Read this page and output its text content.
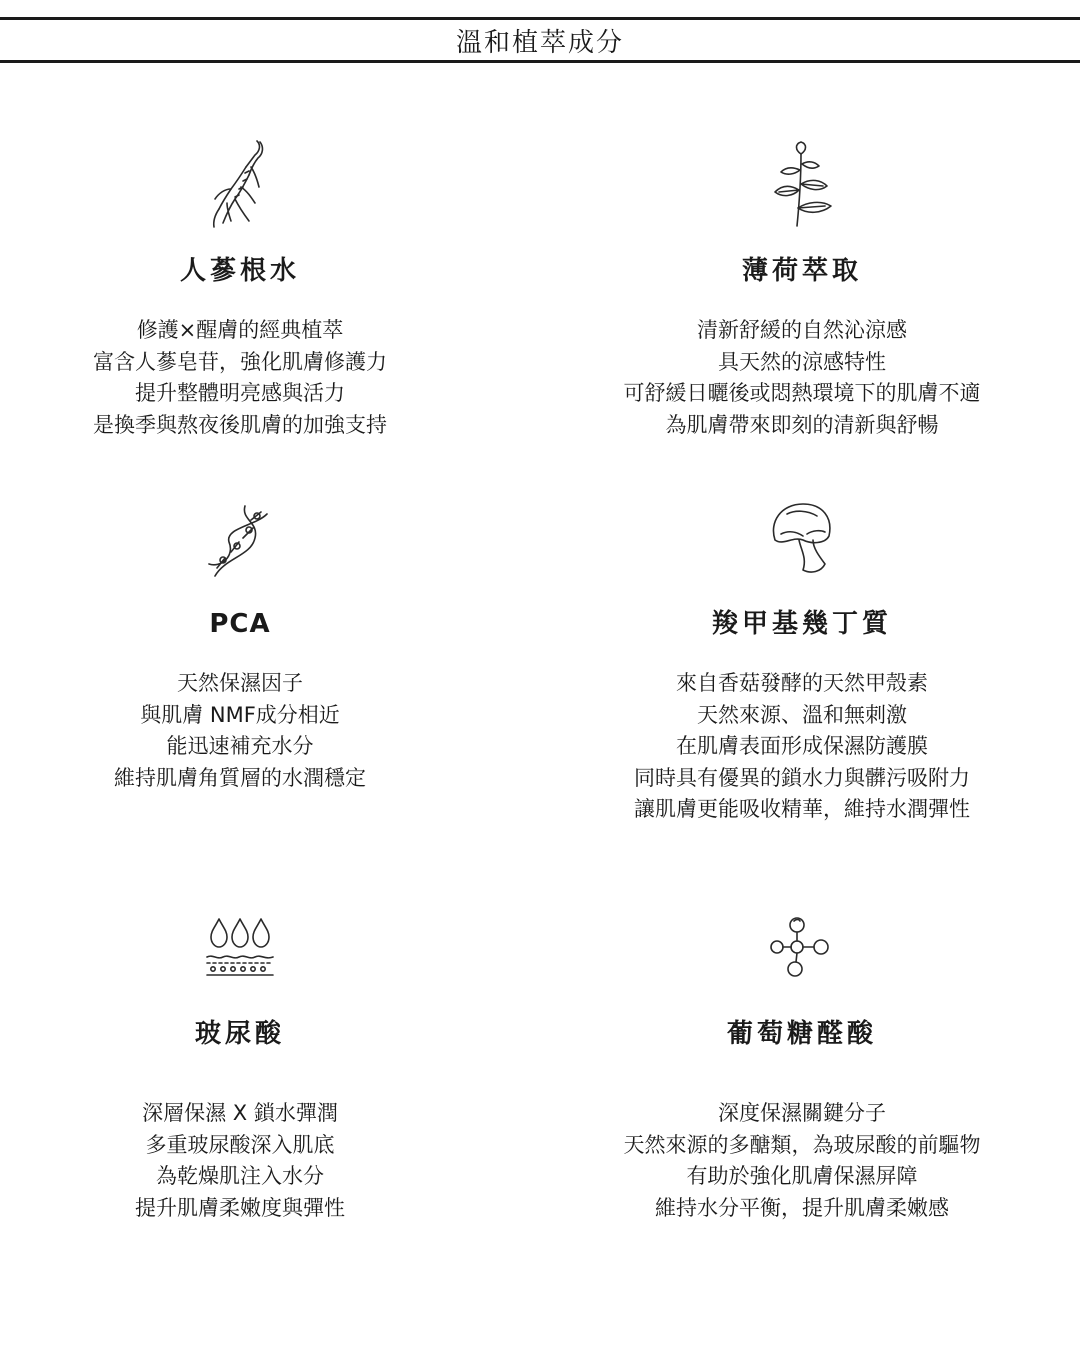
溫和植萃成分
人蔘根水
修護×醒膚的經典植萃
富含人蔘皂苷，強化肌膚修護力
提升整體明亮感與活力
是換季與熬夜後肌膚的加強支持
薄荷萃取
清新舒緩的自然沁涼感
具天然的涼感特性
可舒緩日曬後或悶熱環境下的肌膚不適
為肌膚帶來即刻的清新與舒暢
PCA
天然保濕因子
與肌膚 NMF成分相近
能迅速補充水分
維持肌膚角質層的水潤穩定
羧甲基幾丁質
來自香菇發酵的天然甲殼素
天然來源、溫和無刺激
在肌膚表面形成保濕防護膜
同時具有優異的鎖水力與髒污吸附力
讓肌膚更能吸收精華，維持水潤彈性
玻尿酸
深層保濕 X 鎖水彈潤
多重玻尿酸深入肌底
為乾燥肌注入水分
提升肌膚柔嫩度與彈性
葡萄糖醛酸
深度保濕關鍵分子
天然來源的多醣類，為玻尿酸的前驅物
有助於強化肌膚保濕屏障
維持水分平衡，提升肌膚柔嫩感
